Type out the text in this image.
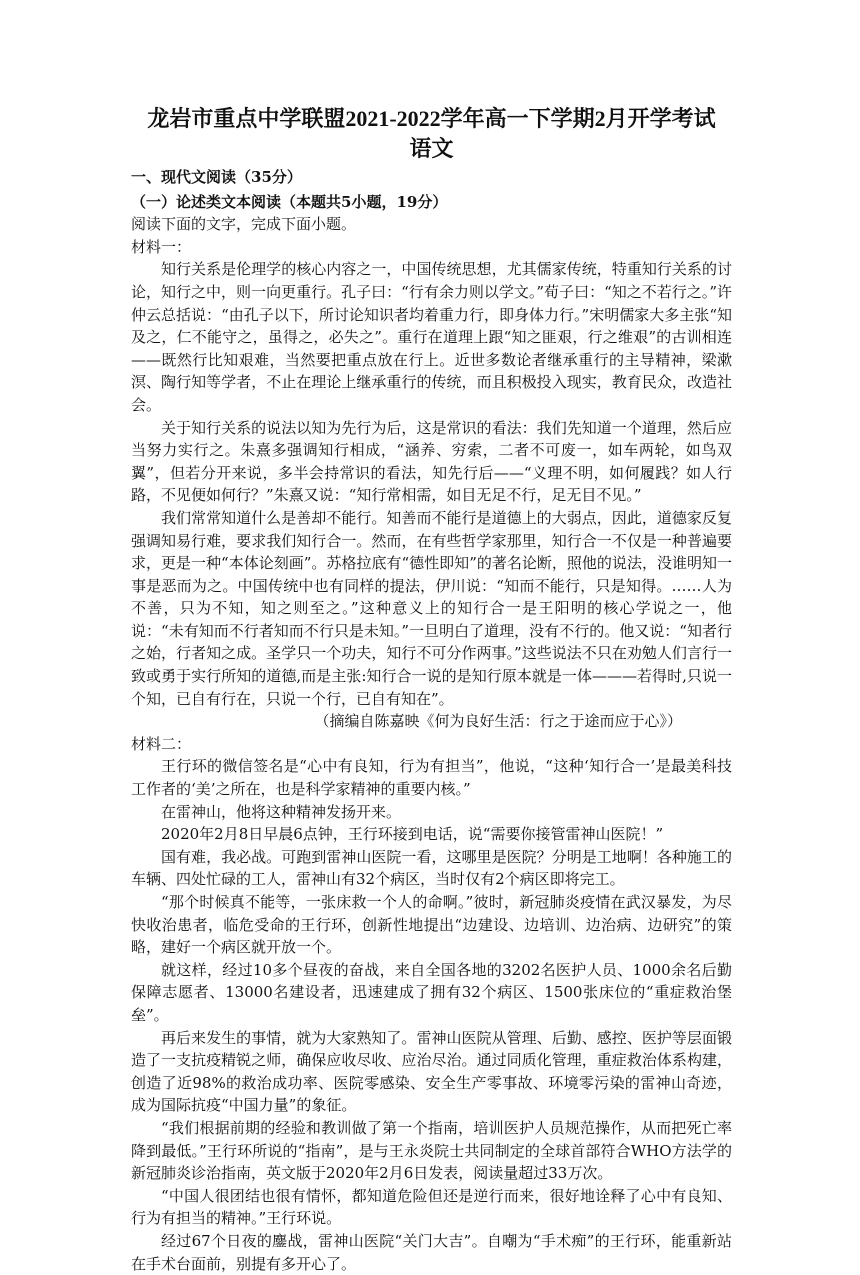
龙岩市重点中学联盟2021-2022学年高一下学期2月开学考试
语文

一、现代文阅读（35分）

（一）论述类文本阅读（本题共5小题，19分）

阅读下面的文字，完成下面小题。

材料一：

知行关系是伦理学的核心内容之一，中国传统思想，尤其儒家传统，特重知行关系的讨论，知行之中，则一向更重行。孔子曰：“行有余力则以学文。”荀子曰：“知之不若行之。”许仲云总括说：“由孔子以下，所讨论知识者均着重力行，即身体力行。”宋明儒家大多主张“知及之，仁不能守之，虽得之，必失之”。重行在道理上跟“知之匪艰，行之维艰”的古训相连——既然行比知艰难，当然要把重点放在行上。近世多数论者继承重行的主导精神，梁漱溟、陶行知等学者，不止在理论上继承重行的传统，而且积极投入现实，教育民众，改造社会。

关于知行关系的说法以知为先行为后，这是常识的看法：我们先知道一个道理，然后应当努力实行之。朱熹多强调知行相成，“涵养、穷索，二者不可废一，如车两轮，如鸟双翼”，但若分开来说，多半会持常识的看法，知先行后——“义理不明，如何履践？如人行路，不见便如何行？”朱熹又说：“知行常相需，如目无足不行，足无目不见。”

我们常常知道什么是善却不能行。知善而不能行是道德上的大弱点，因此，道德家反复强调知易行难，要求我们知行合一。然而，在有些哲学家那里，知行合一不仅是一种普遍要求，更是一种“本体论刻画”。苏格拉底有“德性即知”的著名论断，照他的说法，没谁明知一事是恶而为之。中国传统中也有同样的提法，伊川说：“知而不能行，只是知得。……人为不善，只为不知，知之则至之。”这种意义上的知行合一是王阳明的核心学说之一，他说：“未有知而不行者知而不行只是未知。”一旦明白了道理，没有不行的。他又说：“知者行之始，行者知之成。圣学只一个功夫，知行不可分作两事。”这些说法不只在劝勉人们言行一致或勇于实行所知的道德,而是主张:知行合一说的是知行原本就是一体———若得时,只说一个知，已自有行在，只说一个行，已自有知在”。

（摘编自陈嘉映《何为良好生活：行之于途而应于心》）

材料二：

王行环的微信签名是“心中有良知，行为有担当”，他说，“这种‘知行合一’是最美科技工作者的‘美’之所在，也是科学家精神的重要内核。”

在雷神山，他将这种精神发扬开来。

2020年2月8日早晨6点钟，王行环接到电话，说“需要你接管雷神山医院！”

国有难，我必战。可跑到雷神山医院一看，这哪里是医院？分明是工地啊！各种施工的车辆、四处忙碌的工人，雷神山有32个病区，当时仅有2个病区即将完工。

“那个时候真不能等，一张床救一个人的命啊。”彼时，新冠肺炎疫情在武汉暴发，为尽快收治患者，临危受命的王行环，创新性地提出“边建设、边培训、边治病、边研究”的策略，建好一个病区就开放一个。

就这样，经过10多个昼夜的奋战，来自全国各地的3202名医护人员、1000余名后勤保障志愿者、13000名建设者，迅速建成了拥有32个病区、1500张床位的“重症救治堡垒”。

再后来发生的事情，就为大家熟知了。雷神山医院从管理、后勤、感控、医护等层面锻造了一支抗疫精锐之师，确保应收尽收、应治尽治。通过同质化管理，重症救治体系构建，创造了近98%的救治成功率、医院零感染、安全生产零事故、环境零污染的雷神山奇迹，成为国际抗疫“中国力量”的象征。

“我们根据前期的经验和教训做了第一个指南，培训医护人员规范操作，从而把死亡率降到最低。”王行环所说的“指南”，是与王永炎院士共同制定的全球首部符合WHO方法学的新冠肺炎诊治指南，英文版于2020年2月6日发表，阅读量超过33万次。

“中国人很团结也很有情怀，都知道危险但还是逆行而来，很好地诠释了心中有良知、行为有担当的精神。”王行环说。

经过67个日夜的鏖战，雷神山医院“关门大吉”。自嘲为“手术痴”的王行环，能重新站在手术台面前，别提有多开心了。
